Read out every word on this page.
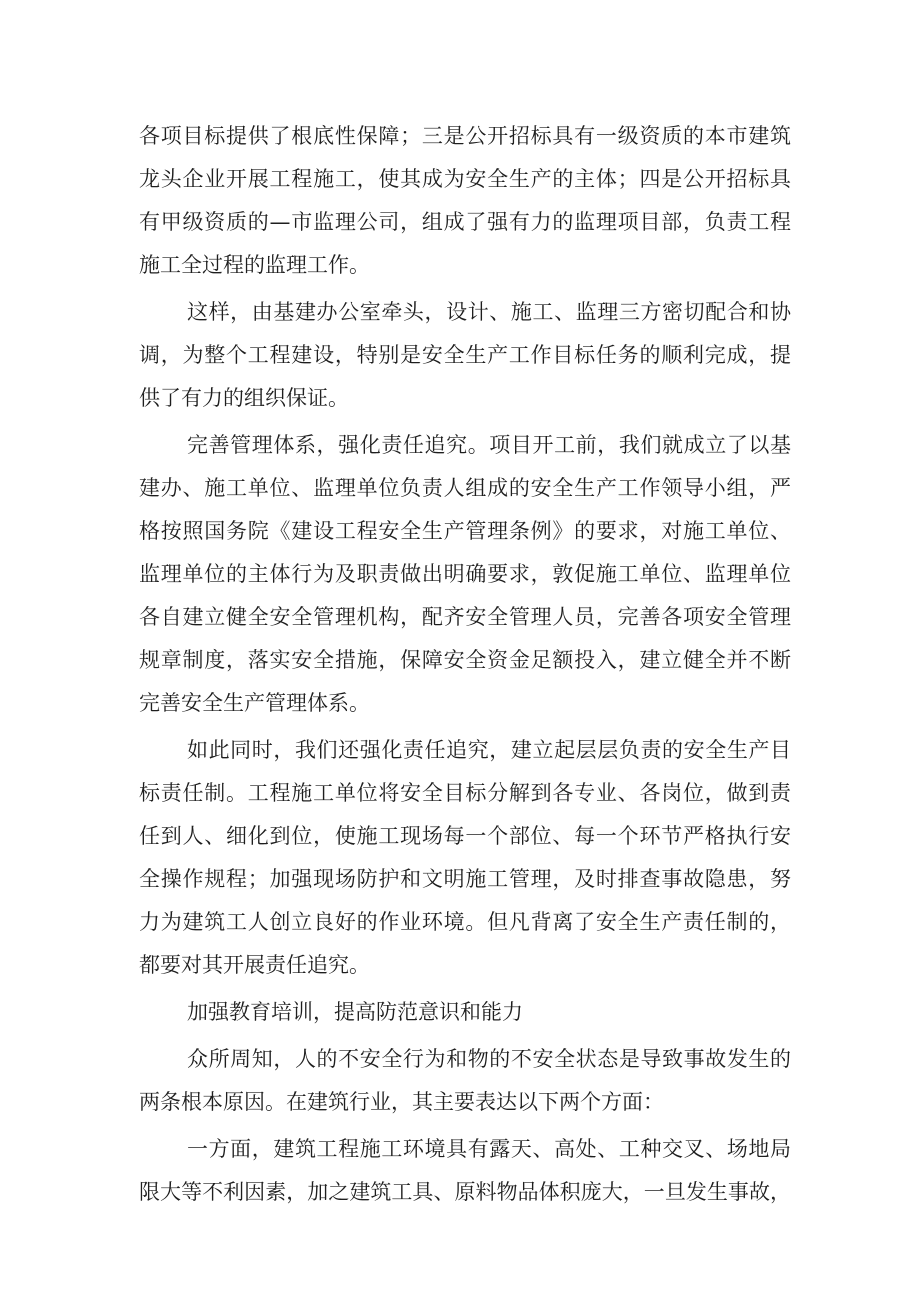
各项目标提供了根底性保障；三是公开招标具有一级资质的本市建筑
龙头企业开展工程施工，使其成为安全生产的主体；四是公开招标具
有甲级资质的—市监理公司，组成了强有力的监理项目部，负责工程
施工全过程的监理工作。
这样，由基建办公室牵头，设计、施工、监理三方密切配合和协
调，为整个工程建设，特别是安全生产工作目标任务的顺利完成，提
供了有力的组织保证。
完善管理体系，强化责任追究。项目开工前，我们就成立了以基
建办、施工单位、监理单位负责人组成的安全生产工作领导小组，严
格按照国务院《建设工程安全生产管理条例》的要求，对施工单位、
监理单位的主体行为及职责做出明确要求，敦促施工单位、监理单位
各自建立健全安全管理机构，配齐安全管理人员，完善各项安全管理
规章制度，落实安全措施，保障安全资金足额投入，建立健全并不断
完善安全生产管理体系。
如此同时，我们还强化责任追究，建立起层层负责的安全生产目
标责任制。工程施工单位将安全目标分解到各专业、各岗位，做到责
任到人、细化到位，使施工现场每一个部位、每一个环节严格执行安
全操作规程；加强现场防护和文明施工管理，及时排查事故隐患，努
力为建筑工人创立良好的作业环境。但凡背离了安全生产责任制的，
都要对其开展责任追究。
加强教育培训，提高防范意识和能力
众所周知，人的不安全行为和物的不安全状态是导致事故发生的
两条根本原因。在建筑行业，其主要表达以下两个方面：
一方面，建筑工程施工环境具有露天、高处、工种交叉、场地局
限大等不利因素，加之建筑工具、原料物品体积庞大，一旦发生事故，
